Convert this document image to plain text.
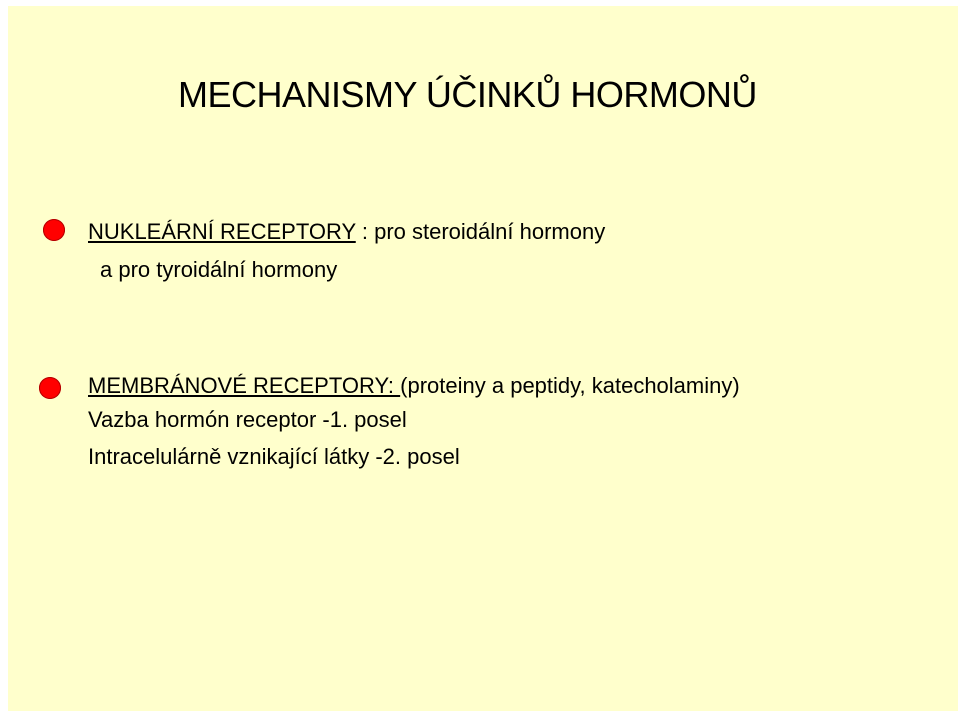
MECHANISMY ÚČINKŮ HORMONŮ
NUKLEÁRNÍ RECEPTORY : pro steroidální hormony
a pro tyroidální hormony
MEMBRÁNOVÉ RECEPTORY: (proteiny a peptidy, katecholaminy)
Vazba hormón receptor -1. posel
Intracelulárně vznikající látky -2. posel
